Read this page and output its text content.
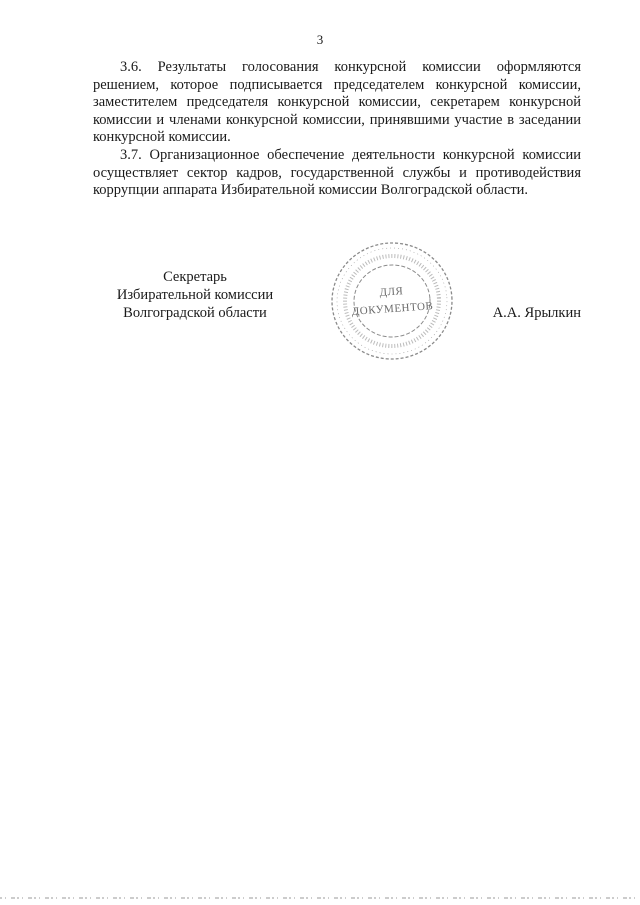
3

3.6. Результаты голосования конкурсной комиссии оформляются решением, которое подписывается председателем конкурсной комиссии, заместителем председателя конкурсной комиссии, секретарем конкурсной комиссии и членами конкурсной комиссии, принявшими участие в заседании конкурсной комиссии.

3.7. Организационное обеспечение деятельности конкурсной комиссии осуществляет сектор кадров, государственной службы и противодействия коррупции аппарата Избирательной комиссии Волгоградской области.

Секретарь
Избирательной комиссии
Волгоградской области
ДЛЯ
ДОКУМЕНТОВ	А.А. Ярылкин
